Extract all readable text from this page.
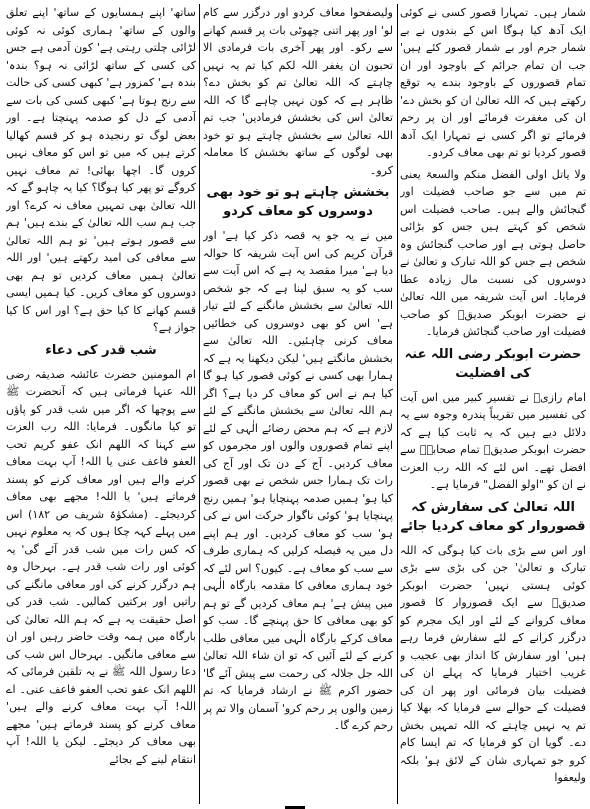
شمار ہیں۔ تمہارا قصور کسی نے کوئی ایک آدھ کیا ہوگا اس کے بندوں نے بے شمار جرم اور بے شمار قصور کئے ہیں' جب ان تمام جرائم کے باوجود اور ان تمام قصوروں کے باوجود بندے یہ توقع رکھتے ہیں کہ اللہ تعالیٰ ان کو بخش دے' ان کی مغفرت فرمائے اور ان پر رحم فرمائے تو اگر کسی نے تمہارا ایک آدھ قصور کردیا تو تم بھی معاف کردو۔

ولا یاتل اولی الفضل منکم والسعۃ یعنی تم میں سے جو صاحب فضیلت اور گنجائش والے ہیں۔ صاحب فضیلت اس شخص کو کہتے ہیں جس کو بڑائی حاصل ہوتی ہے اور صاحب گنجائش وہ شخص ہے جس کو اللہ تبارک و تعالیٰ نے دوسروں کی نسبت مال زیادہ عطا فرمایا۔ اس آیت شریفہ میں اللہ تعالیٰ نے حضرت ابوبکر صدیقؓ کو صاحب فضیلت اور صاحب گنجائش فرمایا۔

حضرت ابوبکر رضی اللہ عنہ کی افضلیت

امام رازیؒ نے تفسیر کبیر میں اس آیت کی تفسیر میں تقریباً پندرہ وجوہ سے یہ دلائل دیے ہیں کہ یہ ثابت کیا ہے کہ حضرت ابوبکر صدیقؓ تمام صحابہؓ سے افضل تھے۔ اس لئے کہ اللہ رب العزت نے ان کو "اولو الفضل" فرمایا ہے۔

اللہ تعالیٰ کی سفارش کہ قصوروار کو معاف کردیا جائے

اور اس سے بڑی بات کیا ہوگی کہ اللہ تبارک و تعالیٰ' جن کی بڑی سے بڑی کوئی ہستی نہیں' حضرت ابوبکر صدیقؓ سے ایک قصوروار کا قصور معاف کروانے کے لئے اور ایک مجرم کو درگزر کرانے کے لئے سفارش فرما رہے ہیں' اور سفارش کا انداز بھی عجیب و غریب اختیار فرمایا کہ پہلے ان کی فضیلت بیان فرمائی اور پھر ان کی فضیلت کے حوالے سے فرمایا کہ بھلا کیا تم یہ نہیں چاہتے کہ اللہ تمہیں بخش دے۔ گویا ان کو فرمایا کہ تم ایسا کام کرو جو تمہاری شان کے لائق ہو' بلکہ ولیعفوا

ولیصفحوا معاف کردو اور درگزر سے کام لو' اور پھر اتنی چھوٹی بات پر قسم کھانے سے رکو۔ اور پھر آخری بات فرمادی الا تحبون ان یغفر اللہ لکم کیا تم یہ نہیں چاہتے کہ اللہ تعالیٰ تم کو بخش دے؟ ظاہر ہے کہ کون نہیں چاہے گا کہ اللہ تعالیٰ اس کی بخشش فرمادیں' جب تم اللہ تعالیٰ سے بخشش چاہتے ہو تو خود بھی لوگوں کے ساتھ بخشش کا معاملہ کرو۔

بخشش چاہتے ہو تو خود بھی دوسروں کو معاف کردو

میں نے یہ جو یہ قصہ ذکر کیا ہے' اور قرآن کریم کی اس آیت شریفہ کا حوالہ دیا ہے' میرا مقصد یہ ہے کہ اس آیت سے سب کو یہ سبق لینا ہے کہ جو شخص اللہ تعالیٰ سے بخشش مانگنے کے لئے تیار ہے' اس کو بھی دوسروں کی خطائیں معاف کرنی چاہئیں۔ اللہ تعالیٰ سے بخشش مانگتے ہیں' لیکن دیکھنا یہ ہے کہ ہمارا بھی کسی نے کوئی قصور کیا ہو گا کیا ہم نے اس کو معاف کر دیا ہے؟ اگر ہم اللہ تعالیٰ سے بخشش مانگنے کے لئے لازم ہے کہ ہم محض رضائے الٰہی کے لئے اپنے تمام قصوروں والوں اور مجرموں کو معاف کردیں۔ آج کے دن تک اور آج کی رات تک ہمارا جس شخص نے بھی قصور کیا ہو' ہمیں صدمہ پہنچایا ہو' ہمیں رنج پہنچایا ہو' کوئی ناگوار حرکت اس نے کی ہو' سب کو معاف کردیں۔ اور ہم اپنے دل میں یہ فیصلہ کرلیں کہ ہماری طرف سے سب کو معاف ہے۔ کیوں؟ اس لئے کہ خود ہماری معافی کا مقدمہ بارگاہ الٰہی میں پیش ہے' ہم معاف کردیں گے تو ہم کو بھی معافی کا حق پہنچے گا۔ سب کو معاف کرکے بارگاہ الٰہی میں معافی طلب کرنے کے لئے آئیں کہ تو ان شاء اللہ تعالیٰ اللہ جل جلالہ کی رحمت سے پیش آئے گا' حضور اکرم ﷺ نے ارشاد فرمایا کہ تم زمین والوں پر رحم کرو' آسمان والا تم پر رحم کرے گا۔

ساتھ' اپنے ہمسایوں کے ساتھ' اپنے تعلق والوں کے ساتھ' ہماری کوئی نہ کوئی لڑائی چلتی رہتی ہے' کون آدمی ہے جس کی کسی کے ساتھ لڑائی نہ ہو؟ بندہ' بندہ ہے' کمزور ہے' کبھی کسی کی حالت سے رنج ہوتا ہے' کبھی کسی کی بات سے آدمی کے دل کو صدمہ پہنچتا ہے۔ اور بعض لوگ تو رنجیدہ ہو کر قسم کھالیا کرتے ہیں کہ میں تو اس کو معاف نہیں کروں گا۔ اچھا بھائی! تم معاف نہیں کروگے تو پھر کیا ہوگا؟ کیا یہ چاہو گے کہ اللہ تعالیٰ بھی تمہیں معاف نہ کرے؟ اور جب ہم سب اللہ تعالیٰ کے بندے ہیں' ہم سے قصور ہوتے ہیں' تو ہم اللہ تعالیٰ سے معافی کی امید رکھتے ہیں' اور اللہ تعالیٰ ہمیں معاف کردیں تو ہم بھی دوسروں کو معاف کریں۔ کیا ہمیں ایسی قسم کھانے کا کیا حق ہے؟ اور اس کا کیا جواز ہے؟

شب قدر کی دعاء

ام المومنین حضرت عائشہ صدیقہ رضی اللہ عنہا فرماتی ہیں کہ آنحضرت ﷺ سے پوچھا کہ اگر میں شب قدر کو پاؤں تو کیا مانگوں۔ فرمایا: اللہ رب العزت سے کہنا کہ اللھم انک عفو کریم تحب العفو فاعف عنی یا اللہ! آپ بہت معاف کرنے والے ہیں اور معاف کرنے کو پسند فرماتے ہیں' یا اللہ! مجھے بھی معاف کردیجئے۔ (مشکوٰۃ شریف ص ۱۸۲) اس میں پہلے کہہ چکا ہوں کہ یہ معلوم نہیں کہ کس رات میں شب قدر آئے گی' یہ کوئی اور رات شب قدر ہے۔ بہرحال وہ ہم درگزر کرنے کی اور معافی مانگنے کی راتیں اور برکتیں کمالیں۔ شب قدر کی اصل حقیقت یہ ہے کہ ہم اللہ تعالیٰ کی بارگاہ میں ہمہ وقت حاضر رہیں اور ان سے معافی مانگیں۔ بہرحال اس شب کی دعا رسول اللہ ﷺ نے یہ تلقین فرمائی کہ اللھم انک عفو تحب العفو فاعف عنی۔ اے اللہ! آپ بہت معاف کرنے والے ہیں' معاف کرنے کو پسند فرماتے ہیں' مجھے بھی معاف کر دیجئے۔ لیکن یا اللہ! آپ انتقام لینے کے بجائے
